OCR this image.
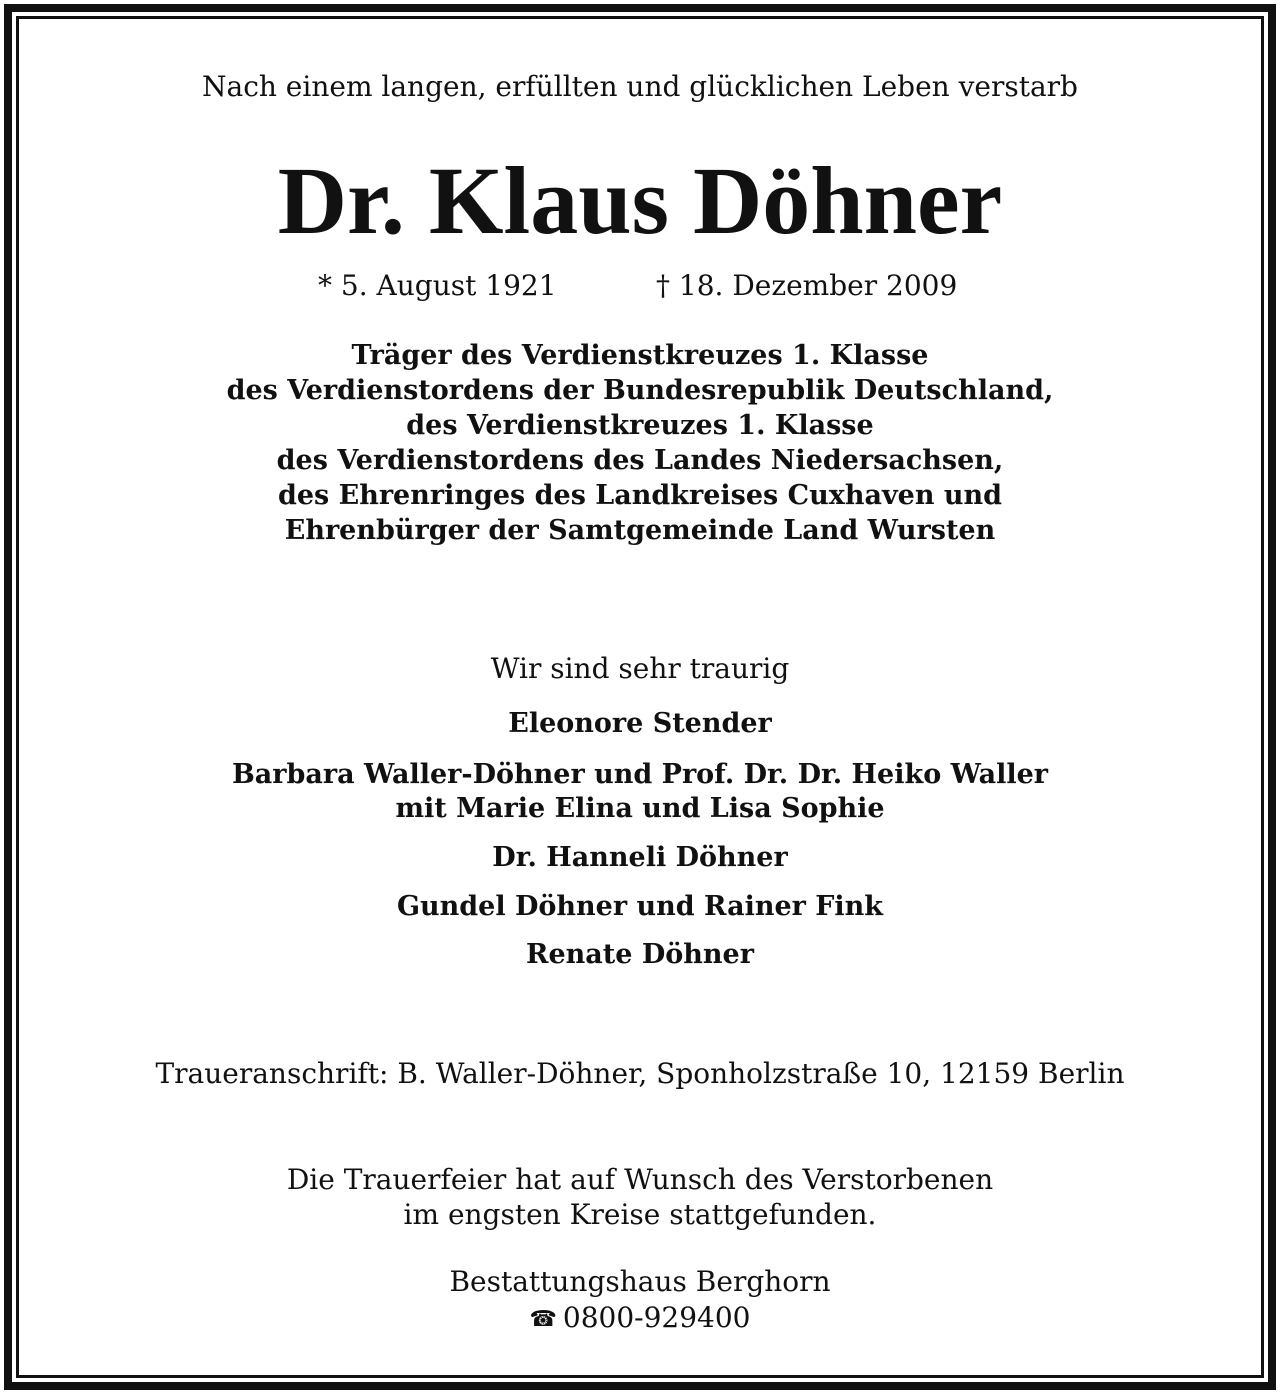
Nach einem langen, erfüllten und glücklichen Leben verstarb
Dr. Klaus Döhner
* 5. August 1921	† 18. Dezember 2009
Träger des Verdienstkreuzes 1. Klasse
des Verdienstordens der Bundesrepublik Deutschland,
des Verdienstkreuzes 1. Klasse
des Verdienstordens des Landes Niedersachsen,
des Ehrenringes des Landkreises Cuxhaven und
Ehrenbürger der Samtgemeinde Land Wursten
Wir sind sehr traurig
Eleonore Stender
Barbara Waller-Döhner und Prof. Dr. Dr. Heiko Waller
mit Marie Elina und Lisa Sophie
Dr. Hanneli Döhner
Gundel Döhner und Rainer Fink
Renate Döhner
Traueranschrift: B. Waller-Döhner, Sponholzstraße 10, 12159 Berlin
Die Trauerfeier hat auf Wunsch des Verstorbenen
im engsten Kreise stattgefunden.
Bestattungshaus Berghorn
☎ 0800-929400
